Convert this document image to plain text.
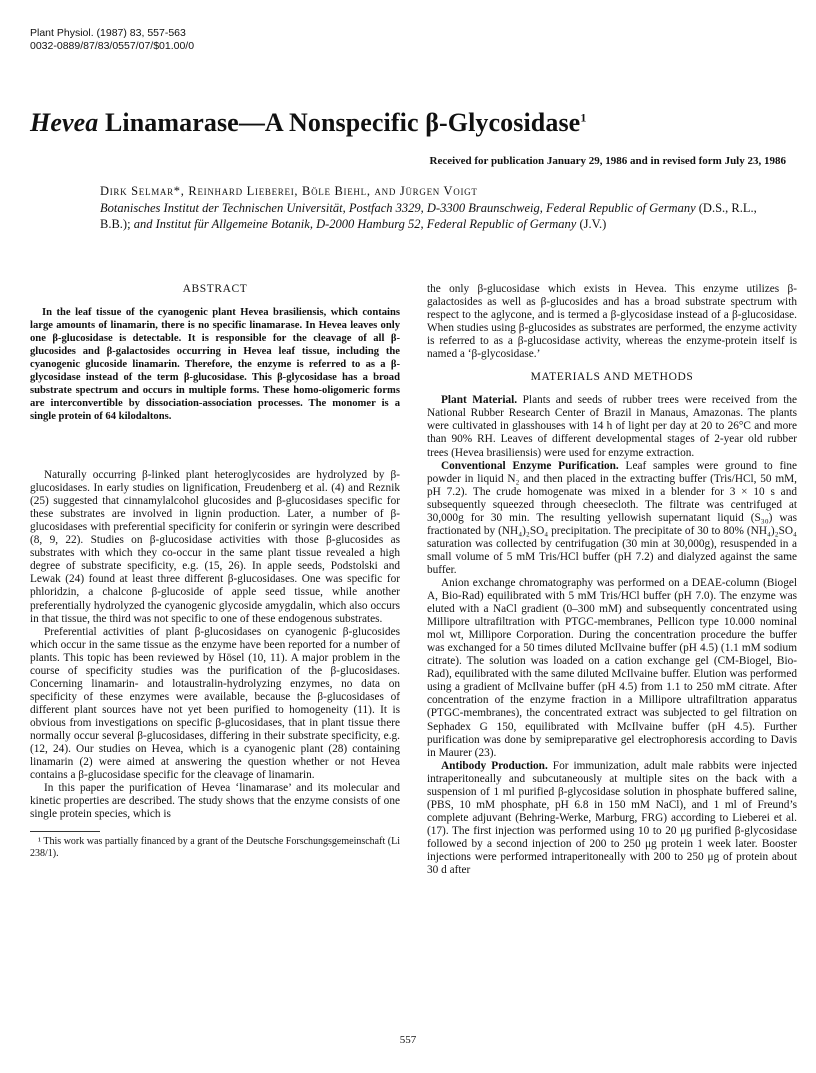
Plant Physiol. (1987) 83, 557-563
0032-0889/87/83/0557/07/$01.00/0
Hevea Linamarase—A Nonspecific β-Glycosidase$^1$
Received for publication January 29, 1986 and in revised form July 23, 1986
Dirk Selmar*, Reinhard Lieberei, Böle Biehl, and Jürgen Voigt
Botanisches Institut der Technischen Universität, Postfach 3329, D-3300 Braunschweig, Federal Republic of Germany (D.S., R.L., B.B.); and Institut für Allgemeine Botanik, D-2000 Hamburg 52, Federal Republic of Germany (J.V.)
ABSTRACT

In the leaf tissue of the cyanogenic plant Hevea brasiliensis, which contains large amounts of linamarin, there is no specific linamarase. In Hevea leaves only one β-glucosidase is detectable. It is responsible for the cleavage of all β-glucosides and β-galactosides occurring in Hevea leaf tissue, including the cyanogenic glucoside linamarin. Therefore, the enzyme is referred to as a β-glycosidase instead of the term β-glucosidase. This β-glycosidase has a broad substrate spectrum and occurs in multiple forms. These homo-oligomeric forms are interconvertible by dissociation-association processes. The monomer is a single protein of 64 kilodaltons.

Naturally occurring β-linked plant heteroglycosides are hydrolyzed by β-glucosidases. In early studies on lignification, Freudenberg et al. (4) and Reznik (25) suggested that cinnamylalcohol glucosides and β-glucosidases specific for these substrates are involved in lignin production. Later, a number of β-glucosidases with preferential specificity for coniferin or syringin were described (8, 9, 22). Studies on β-glucosidase activities with those β-glucosides as substrates with which they co-occur in the same plant tissue revealed a high degree of substrate specificity, e.g. (15, 26). In apple seeds, Podstolski and Lewak (24) found at least three different β-glucosidases. One was specific for phloridzin, a chalcone β-glucoside of apple seed tissue, while another preferentially hydrolyzed the cyanogenic glycoside amygdalin, which also occurs in that tissue, the third was not specific to one of these endogenous substrates.

Preferential activities of plant β-glucosidases on cyanogenic β-glucosides which occur in the same tissue as the enzyme have been reported for a number of plants. This topic has been reviewed by Hösel (10, 11). A major problem in the course of specificity studies was the purification of the β-glucosidases. Concerning linamarin- and lotaustralin-hydrolyzing enzymes, no data on specificity of these enzymes were available, because the β-glucosidases of different plant sources have not yet been purified to homogeneity (11). It is obvious from investigations on specific β-glucosidases, that in plant tissue there normally occur several β-glucosidases, differing in their substrate specificity, e.g. (12, 24). Our studies on Hevea, which is a cyanogenic plant (28) containing linamarin (2) were aimed at answering the question whether or not Hevea contains a β-glucosidase specific for the cleavage of linamarin.

In this paper the purification of Hevea ‘linamarase’ and its molecular and kinetic properties are described. The study shows that the enzyme consists of one single protein species, which is

¹ This work was partially financed by a grant of the Deutsche Forschungsgemeinschaft (Li 238/1).

the only β-glucosidase which exists in Hevea. This enzyme utilizes β-galactosides as well as β-glucosides and has a broad substrate spectrum with respect to the aglycone, and is termed a β-glycosidase instead of a β-glucosidase. When studies using β-glucosides as substrates are performed, the enzyme activity is referred to as a β-glucosidase activity, whereas the enzyme-protein itself is named a ‘β-glycosidase.’

MATERIALS AND METHODS

Plant Material. Plants and seeds of rubber trees were received from the National Rubber Research Center of Brazil in Manaus, Amazonas. The plants were cultivated in glasshouses with 14 h of light per day at 20 to 26°C and more than 90% RH. Leaves of different developmental stages of 2-year old rubber trees (Hevea brasiliensis) were used for enzyme extraction.

Conventional Enzyme Purification. Leaf samples were ground to fine powder in liquid N₂ and then placed in the extracting buffer (Tris/HCl, 50 mM, pH 7.2). The crude homogenate was mixed in a blender for 3 × 10 s and subsequently squeezed through cheesecloth. The filtrate was centrifuged at 30,000g for 30 min. The resulting yellowish supernatant liquid (S₃₀) was fractionated by (NH₄)₂SO₄ precipitation. The precipitate of 30 to 80% (NH₄)₂SO₄ saturation was collected by centrifugation (30 min at 30,000g), resuspended in a small volume of 5 mM Tris/HCl buffer (pH 7.2) and dialyzed against the same buffer.

Anion exchange chromatography was performed on a DEAE-column (Biogel A, Bio-Rad) equilibrated with 5 mM Tris/HCl buffer (pH 7.0). The enzyme was eluted with a NaCl gradient (0–300 mM) and subsequently concentrated using Millipore ultrafiltration with PTGC-membranes, Pellicon type 10.000 nominal mol wt, Millipore Corporation. During the concentration procedure the buffer was exchanged for a 50 times diluted McIlvaine buffer (pH 4.5) (1.1 mM sodium citrate). The solution was loaded on a cation exchange gel (CM-Biogel, Bio-Rad), equilibrated with the same diluted McIlvaine buffer. Elution was performed using a gradient of McIlvaine buffer (pH 4.5) from 1.1 to 250 mM citrate. After concentration of the enzyme fraction in a Millipore ultrafiltration apparatus (PTGC-membranes), the concentrated extract was subjected to gel filtration on Sephadex G 150, equilibrated with McIlvaine buffer (pH 4.5). Further purification was done by semipreparative gel electrophoresis according to Davis in Maurer (23).

Antibody Production. For immunization, adult male rabbits were injected intraperitoneally and subcutaneously at multiple sites on the back with a suspension of 1 ml purified β-glycosidase solution in phosphate buffered saline, (PBS, 10 mM phosphate, pH 6.8 in 150 mM NaCl), and 1 ml of Freund’s complete adjuvant (Behring-Werke, Marburg, FRG) according to Lieberei et al. (17). The first injection was performed using 10 to 20 μg purified β-glycosidase followed by a second injection of 200 to 250 μg protein 1 week later. Booster injections were performed intraperitoneally with 200 to 250 μg of protein about 30 d after

557
